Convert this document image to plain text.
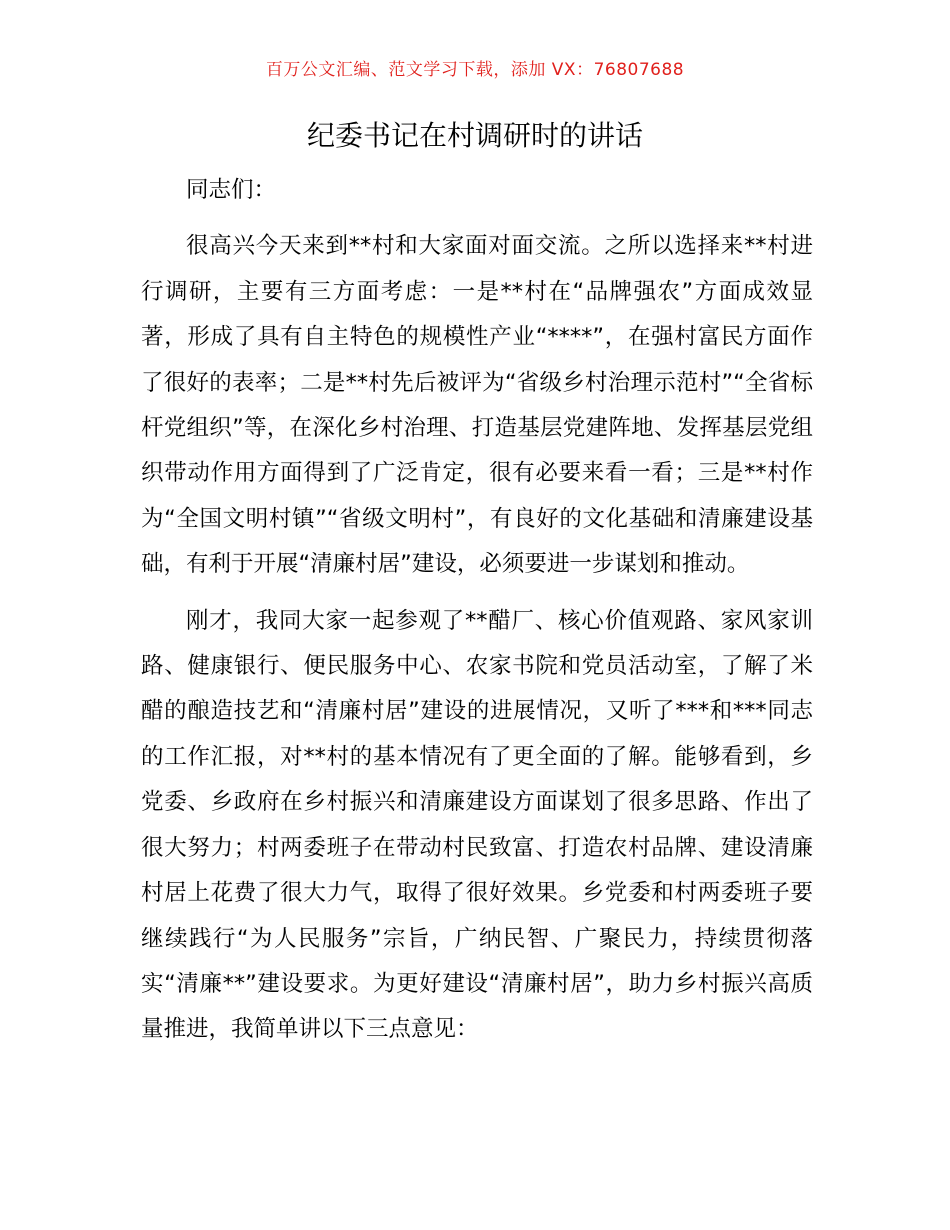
百万公文汇编、范文学习下载，添加 VX：76807688
纪委书记在村调研时的讲话

同志们：

很高兴今天来到**村和大家面对面交流。之所以选择来**村进行调研，主要有三方面考虑：一是**村在“品牌强农”方面成效显著，形成了具有自主特色的规模性产业“****”，在强村富民方面作了很好的表率；二是**村先后被评为“省级乡村治理示范村”“全省标杆党组织”等，在深化乡村治理、打造基层党建阵地、发挥基层党组织带动作用方面得到了广泛肯定，很有必要来看一看；三是**村作为“全国文明村镇”“省级文明村”，有良好的文化基础和清廉建设基础，有利于开展“清廉村居”建设，必须要进一步谋划和推动。

刚才，我同大家一起参观了**醋厂、核心价值观路、家风家训路、健康银行、便民服务中心、农家书院和党员活动室，了解了米醋的酿造技艺和“清廉村居”建设的进展情况，又听了***和***同志的工作汇报，对**村的基本情况有了更全面的了解。能够看到，乡党委、乡政府在乡村振兴和清廉建设方面谋划了很多思路、作出了很大努力；村两委班子在带动村民致富、打造农村品牌、建设清廉村居上花费了很大力气，取得了很好效果。乡党委和村两委班子要继续践行“为人民服务”宗旨，广纳民智、广聚民力，持续贯彻落实“清廉**”建设要求。为更好建设“清廉村居”，助力乡村振兴高质量推进，我简单讲以下三点意见：
